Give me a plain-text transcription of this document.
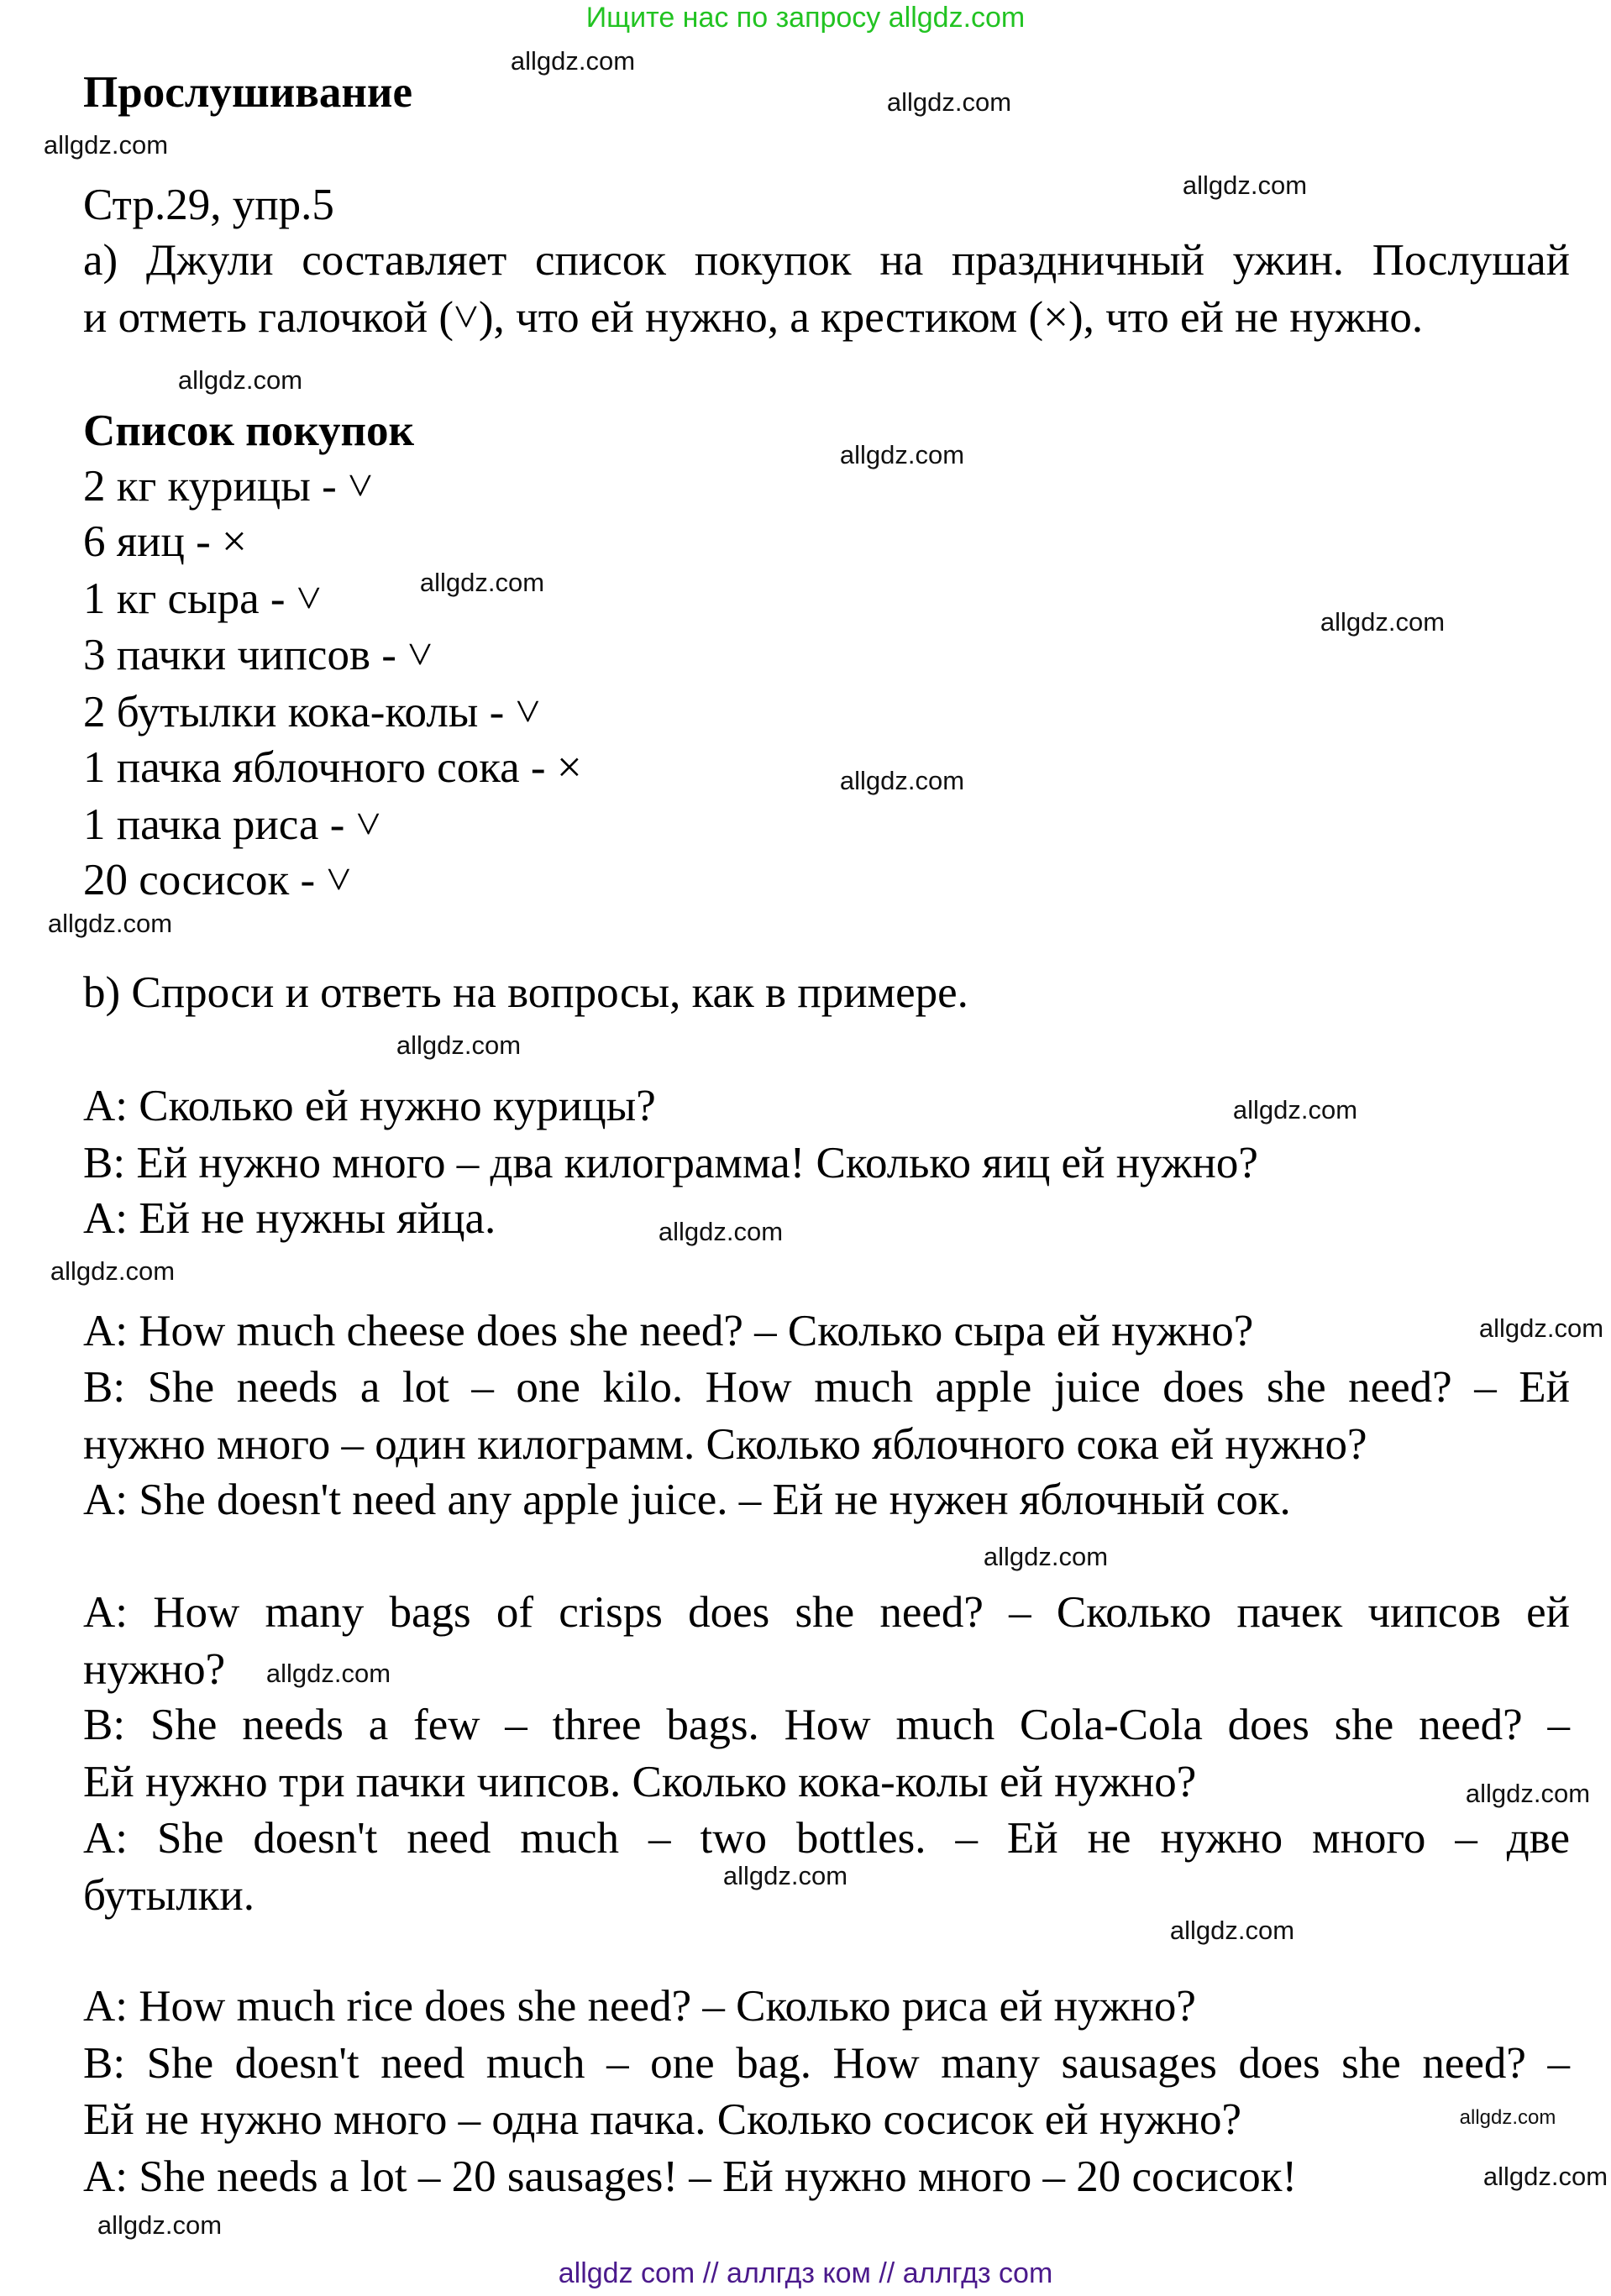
Ищите нас по запросу allgdz.com
Прослушивание
Стр.29, упр.5
а) Джули составляет список покупок на праздничный ужин. Послушай
и отметь галочкой (˅), что ей нужно, а крестиком (×), что ей не нужно.
Список покупок
2 кг курицы - ˅
6 яиц - ×
1 кг сыра - ˅
3 пачки чипсов - ˅
2 бутылки кока-колы - ˅
1 пачка яблочного сока - ×
1 пачка риса - ˅
20 сосисок - ˅
b) Спроси и ответь на вопросы, как в примере.
A: Сколько ей нужно курицы?
B: Ей нужно много – два килограмма! Сколько яиц ей нужно?
A: Ей не нужны яйца.
A: How much cheese does she need? – Сколько сыра ей нужно?
B: She needs a lot – one kilo. How much apple juice does she need? – Ей
нужно много – один килограмм. Сколько яблочного сока ей нужно?
A: She doesn't need any apple juice. – Ей не нужен яблочный сок.
A: How many bags of crisps does she need? – Сколько пачек чипсов ей
нужно?
B: She needs a few – three bags. How much Cola-Cola does she need? –
Ей нужно три пачки чипсов. Сколько кока-колы ей нужно?
A: She doesn't need much – two bottles. – Ей не нужно много – две
бутылки.
A: How much rice does she need? – Сколько риса ей нужно?
B: She doesn't need much – one bag. How many sausages does she need? –
Ей не нужно много – одна пачка. Сколько сосисок ей нужно?
A: She needs a lot – 20 sausages! – Ей нужно много – 20 сосисок!
allgdz.com
allgdz.com
allgdz.com
allgdz.com
allgdz.com
allgdz.com
allgdz.com
allgdz.com
allgdz.com
allgdz.com
allgdz.com
allgdz.com
allgdz.com
allgdz.com
allgdz.com
allgdz.com
allgdz.com
allgdz.com
allgdz.com
allgdz.com
allgdz.com
allgdz.com
allgdz.com
allgdz com // аллгдз ком // аллгдз com
